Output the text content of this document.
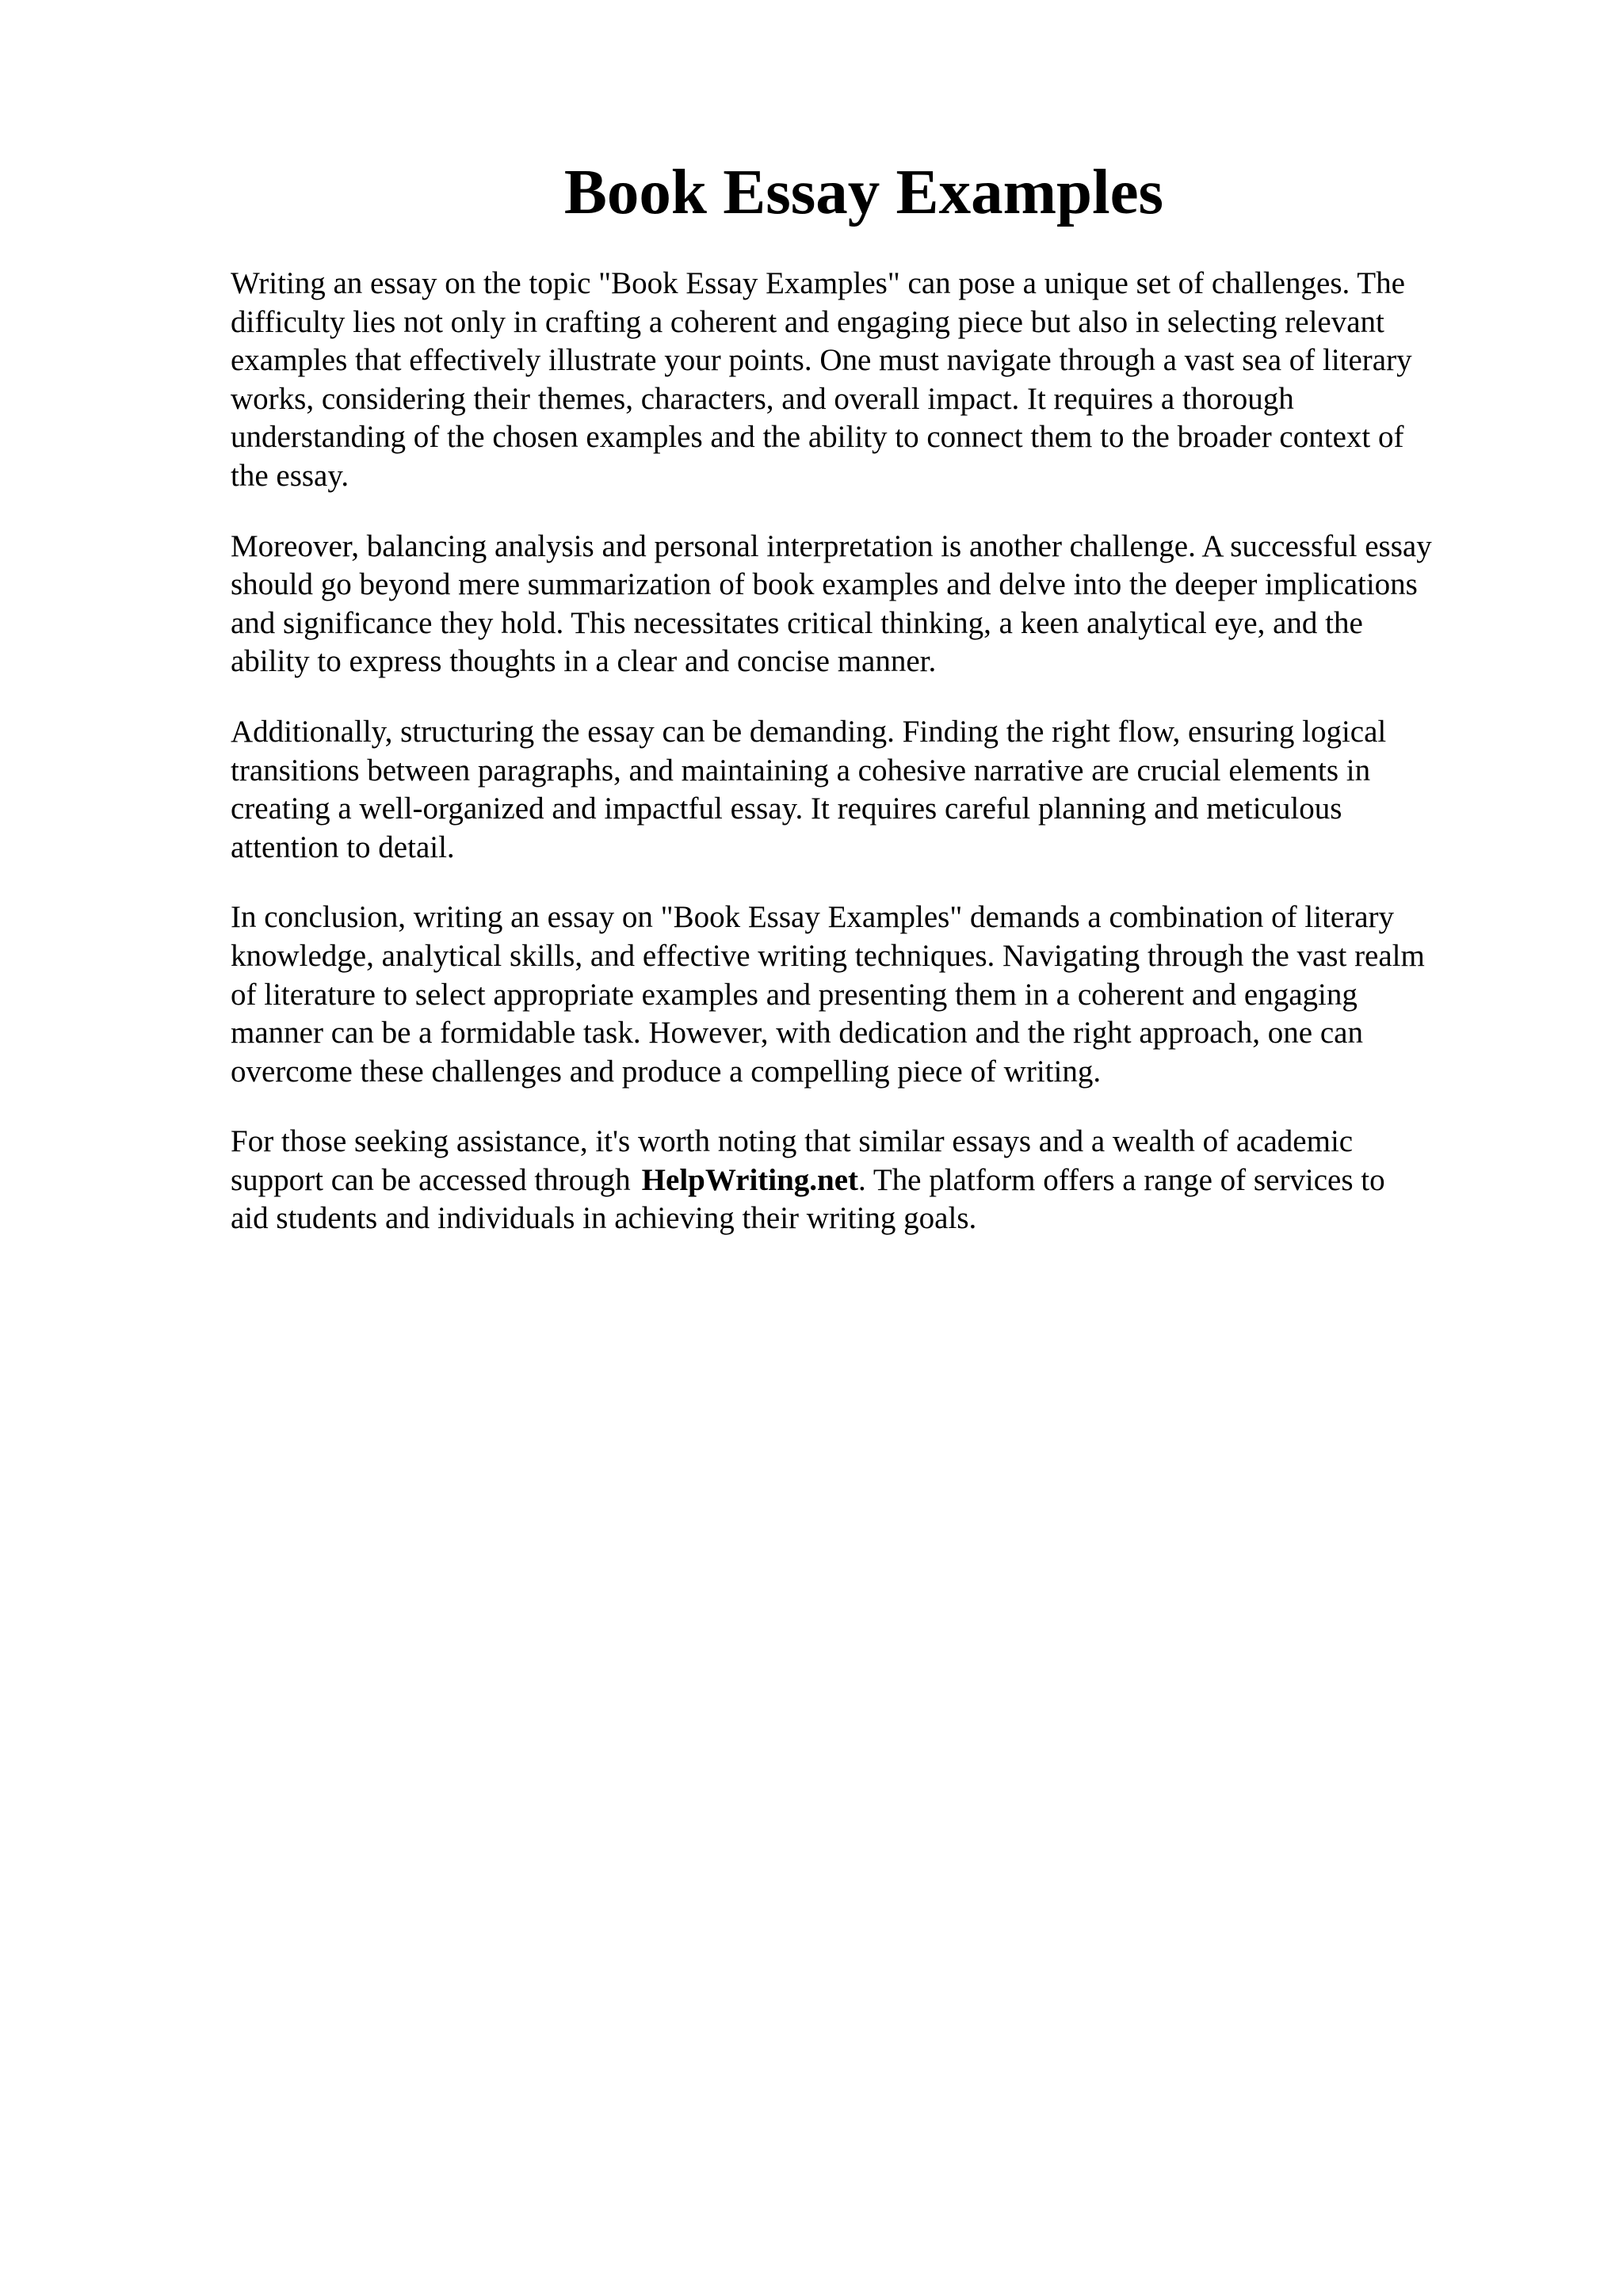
Book Essay Examples

Writing an essay on the topic "Book Essay Examples" can pose a unique set of challenges. The
difficulty lies not only in crafting a coherent and engaging piece but also in selecting relevant
examples that effectively illustrate your points. One must navigate through a vast sea of literary
works, considering their themes, characters, and overall impact. It requires a thorough
understanding of the chosen examples and the ability to connect them to the broader context of
the essay.

Moreover, balancing analysis and personal interpretation is another challenge. A successful essay
should go beyond mere summarization of book examples and delve into the deeper implications
and significance they hold. This necessitates critical thinking, a keen analytical eye, and the
ability to express thoughts in a clear and concise manner.

Additionally, structuring the essay can be demanding. Finding the right flow, ensuring logical
transitions between paragraphs, and maintaining a cohesive narrative are crucial elements in
creating a well-organized and impactful essay. It requires careful planning and meticulous
attention to detail.

In conclusion, writing an essay on "Book Essay Examples" demands a combination of literary
knowledge, analytical skills, and effective writing techniques. Navigating through the vast realm
of literature to select appropriate examples and presenting them in a coherent and engaging
manner can be a formidable task. However, with dedication and the right approach, one can
overcome these challenges and produce a compelling piece of writing.

For those seeking assistance, it's worth noting that similar essays and a wealth of academic
support can be accessed through HelpWriting.net. The platform offers a range of services to
aid students and individuals in achieving their writing goals.
